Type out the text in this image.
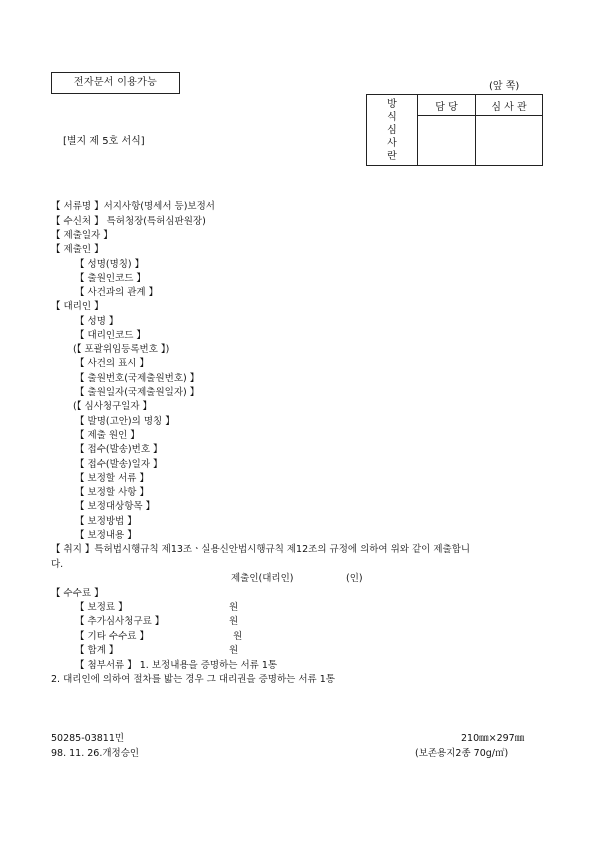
전자문서 이용가능	(앞 쪽)
[별지 제 5호 서식]
방
식
심
사
란	담 당	심 사 관

【 서류명 】서지사항(명세서 등)보정서
【 수신처 】 특허청장(특허심판원장)
【 제출일자 】
【 제출인 】
【 성명(명칭) 】
【 출원인코드 】
【 사건과의 관계 】
【 대리인 】
【 성명 】
【 대리인코드 】
(【 포괄위임등록번호 】)
【 사건의 표시 】
【 출원번호(국제출원번호) 】
【 출원일자(국제출원일자) 】
(【 심사청구일자 】
【 발명(고안)의 명칭 】
【 제출 원인 】
【 접수(발송)번호 】
【 접수(발송)일자 】
【 보정할 서류 】
【 보정할 사항 】
【 보정대상항목 】
【 보정방법 】
【 보정내용 】
【 취지 】특허법시행규칙 제13조ㆍ실용신안법시행규칙 제12조의 규정에 의하여 위와 같이 제출합니
다.
제출인(대리인)	(인)
【 수수료 】
【 보정료 】	원
【 추가심사청구료 】	원
【 기타 수수료 】	원
【 합계 】	원
【 첨부서류 】 1. 보정내용을 증명하는 서류 1통
2. 대리인에 의하여 절차를 밟는 경우 그 대리권을 증명하는 서류 1통
50285-03811민
98. 11. 26.개정승인
210㎜×297㎜
(보존용지2종 70g/㎡)
